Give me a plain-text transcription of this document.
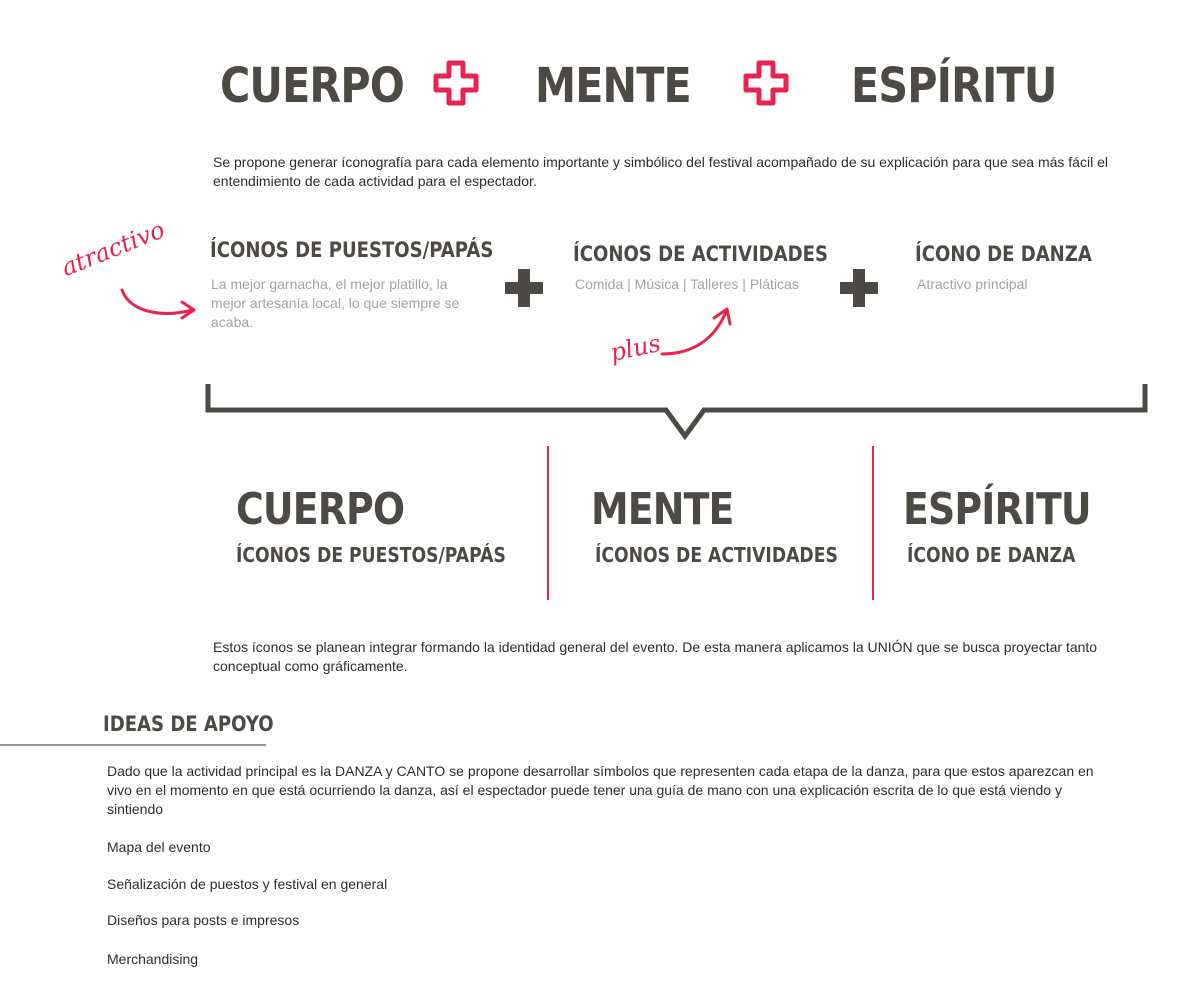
CUERPO	MENTE	ESPÍRITU
Se propone generar íconografía para cada elemento importante y simbólico del festival acompañado de su explicación para que sea más fácil el entendimiento de cada actividad para el espectador.
ÍCONOS DE PUESTOS/PAPÁS
La mejor garnacha, el mejor platillo, la mejor artesanía local, lo que siempre se acaba.
ÍCONOS DE ACTIVIDADES
Comida | Música | Talleres | Pláticas
ÍCONO DE DANZA
Atractivo principal
atractivo
plus
CUERPO
ÍCONOS DE PUESTOS/PAPÁS
MENTE
ÍCONOS DE ACTIVIDADES
ESPÍRITU
ÍCONO DE DANZA
Estos íconos se planean integrar formando la identidad general del evento. De esta manera aplicamos la UNIÓN que se busca proyectar tanto conceptual como gráficamente.
IDEAS DE APOYO
Dado que la actividad principal es la DANZA y CANTO se propone desarrollar símbolos que representen cada etapa de la danza, para que estos aparezcan en vivo en el momento en que está ocurriendo la danza, así el espectador puede tener una guía de mano con una explicación escrita de lo que está viendo y sintiendo
Mapa del evento
Señalización de puestos y festival en general
Diseños para posts e impresos
Merchandising
